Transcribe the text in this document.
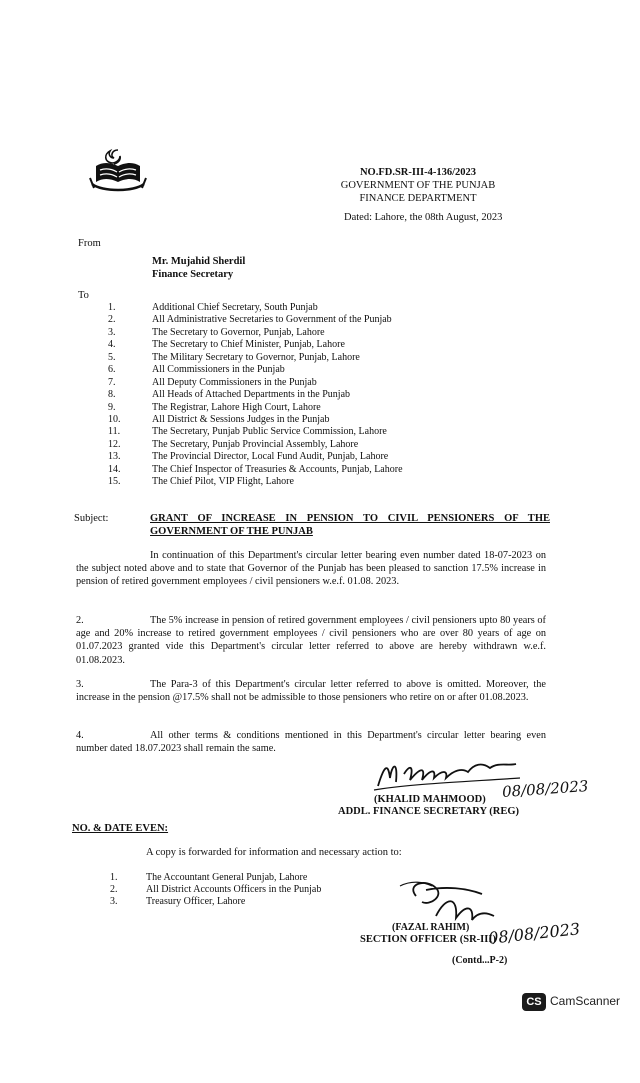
NO.FD.SR-III-4-136/2023
GOVERNMENT OF THE PUNJAB
FINANCE DEPARTMENT
Dated: Lahore, the 08th August, 2023
From
Mr. Mujahid Sherdil
Finance Secretary
To
1.	Additional Chief Secretary, South Punjab
2.	All Administrative Secretaries to Government of the Punjab
3.	The Secretary to Governor, Punjab, Lahore
4.	The Secretary to Chief Minister, Punjab, Lahore
5.	The Military Secretary to Governor, Punjab, Lahore
6.	All Commissioners in the Punjab
7.	All Deputy Commissioners in the Punjab
8.	All Heads of Attached Departments in the Punjab
9.	The Registrar, Lahore High Court, Lahore
10.	All District & Sessions Judges in the Punjab
11.	The Secretary, Punjab Public Service Commission, Lahore
12.	The Secretary, Punjab Provincial Assembly, Lahore
13.	The Provincial Director, Local Fund Audit, Punjab, Lahore
14.	The Chief Inspector of Treasuries & Accounts, Punjab, Lahore
15.	The Chief Pilot, VIP Flight, Lahore
Subject:	GRANT OF INCREASE IN PENSION TO CIVIL PENSIONERS OF THE
GOVERNMENT OF THE PUNJAB
In continuation of this Department's circular letter bearing even number dated 18-07-2023 on the subject noted above and to state that Governor of the Punjab has been pleased to sanction 17.5% increase in pension of retired government employees / civil pensioners w.e.f. 01.08. 2023.
2.	The 5% increase in pension of retired government employees / civil pensioners upto 80 years of age and 20% increase to retired government employees / civil pensioners who are over 80 years of age on 01.07.2023 granted vide this Department's circular letter referred to above are hereby withdrawn w.e.f. 01.08.2023.
3.	The Para-3 of this Department's circular letter referred to above is omitted. Moreover, the increase in the pension @17.5% shall not be admissible to those pensioners who retire on or after 01.08.2023.
4.	All other terms & conditions mentioned in this Department's circular letter bearing even number dated 18.07.2023 shall remain the same.
(KHALID MAHMOOD) 08/08/2023
ADDL. FINANCE SECRETARY (REG)
NO. & DATE EVEN:
A copy is forwarded for information and necessary action to:
1.	The Accountant General Punjab, Lahore
2.	All District Accounts Officers in the Punjab
3.	Treasury Officer, Lahore
(FAZAL RAHIM)
SECTION OFFICER (SR-III)
08/08/2023
(Contd...P-2)
CS CamScanner
